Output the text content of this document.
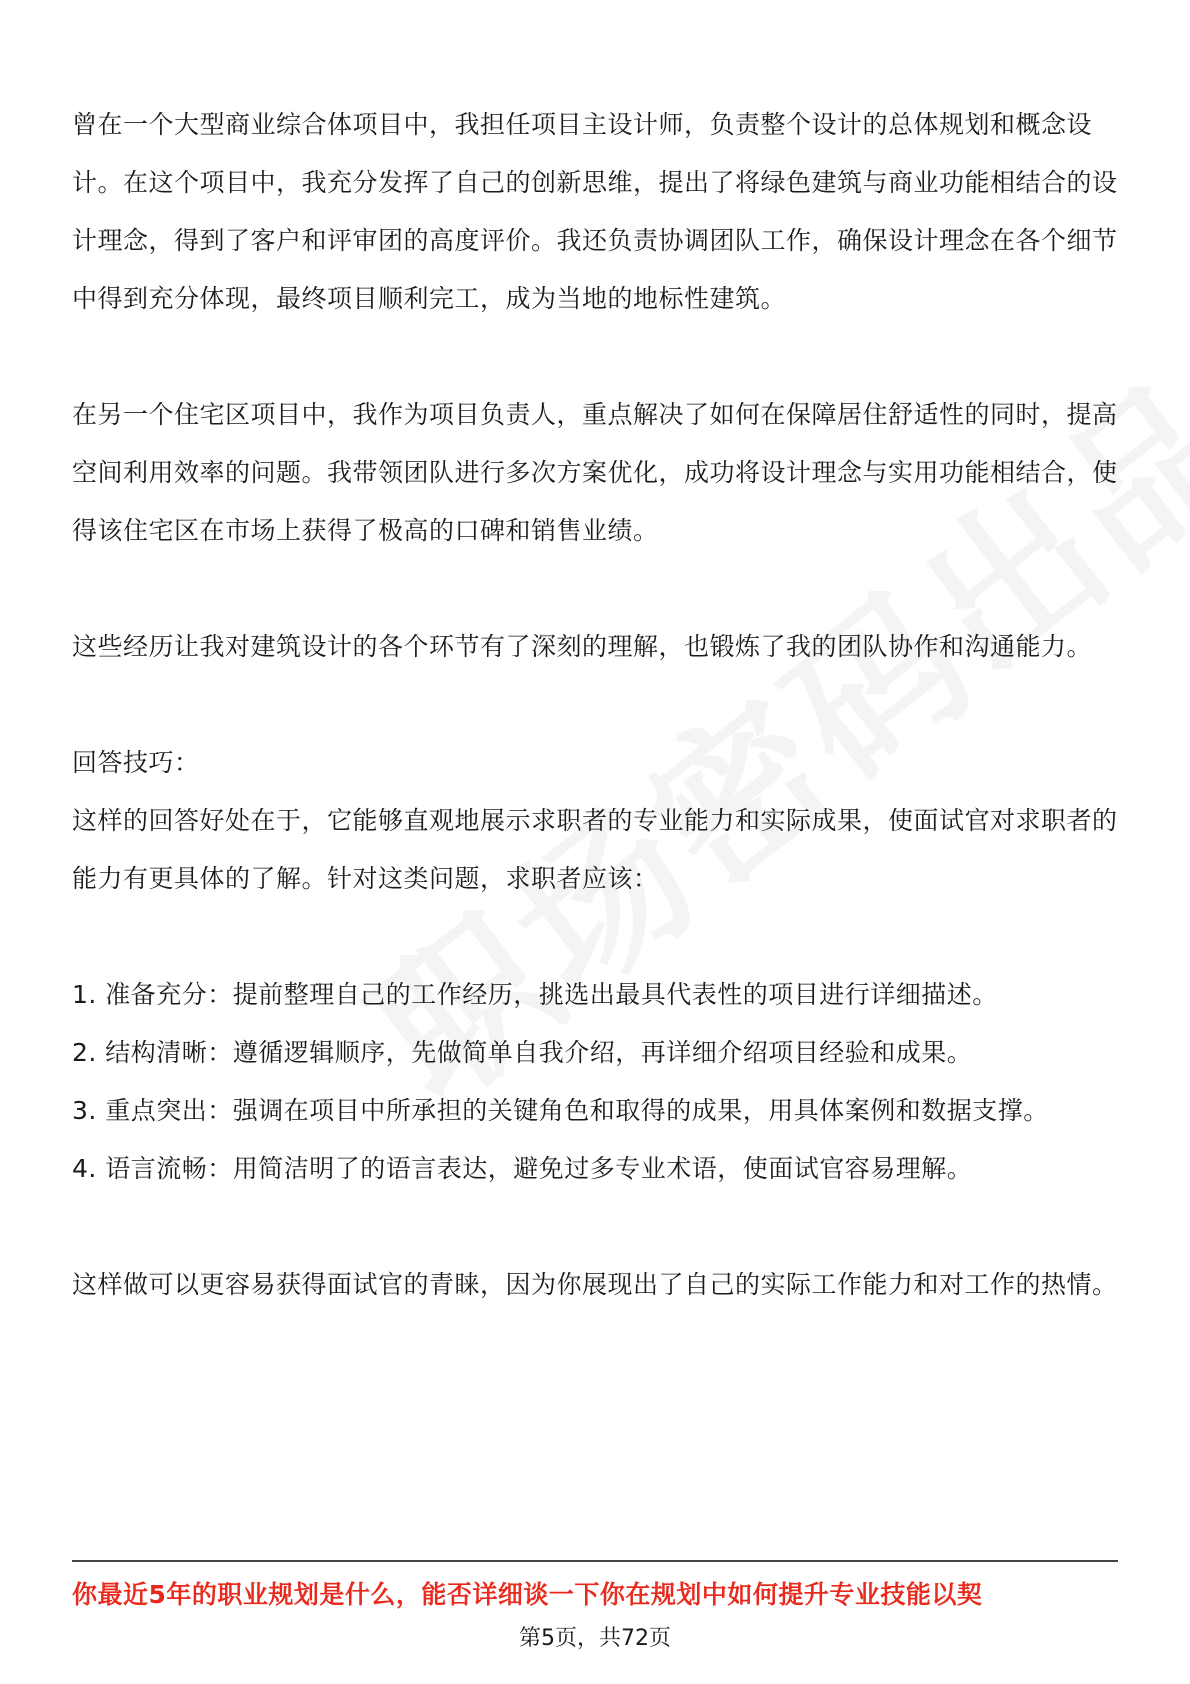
曾在一个大型商业综合体项目中，我担任项目主设计师，负责整个设计的总体规划和概念设计。在这个项目中，我充分发挥了自己的创新思维，提出了将绿色建筑与商业功能相结合的设计理念，得到了客户和评审团的高度评价。我还负责协调团队工作，确保设计理念在各个细节中得到充分体现，最终项目顺利完工，成为当地的地标性建筑。

在另一个住宅区项目中，我作为项目负责人，重点解决了如何在保障居住舒适性的同时，提高空间利用效率的问题。我带领团队进行多次方案优化，成功将设计理念与实用功能相结合，使得该住宅区在市场上获得了极高的口碑和销售业绩。

这些经历让我对建筑设计的各个环节有了深刻的理解，也锻炼了我的团队协作和沟通能力。

回答技巧：

这样的回答好处在于，它能够直观地展示求职者的专业能力和实际成果，使面试官对求职者的能力有更具体的了解。针对这类问题，求职者应该：

1. 准备充分：提前整理自己的工作经历，挑选出最具代表性的项目进行详细描述。

2. 结构清晰：遵循逻辑顺序，先做简单自我介绍，再详细介绍项目经验和成果。

3. 重点突出：强调在项目中所承担的关键角色和取得的成果，用具体案例和数据支撑。

4. 语言流畅：用简洁明了的语言表达，避免过多专业术语，使面试官容易理解。

这样做可以更容易获得面试官的青睐，因为你展现出了自己的实际工作能力和对工作的热情。

你最近5年的职业规划是什么，能否详细谈一下你在规划中如何提升专业技能以契
第5页，共72页
